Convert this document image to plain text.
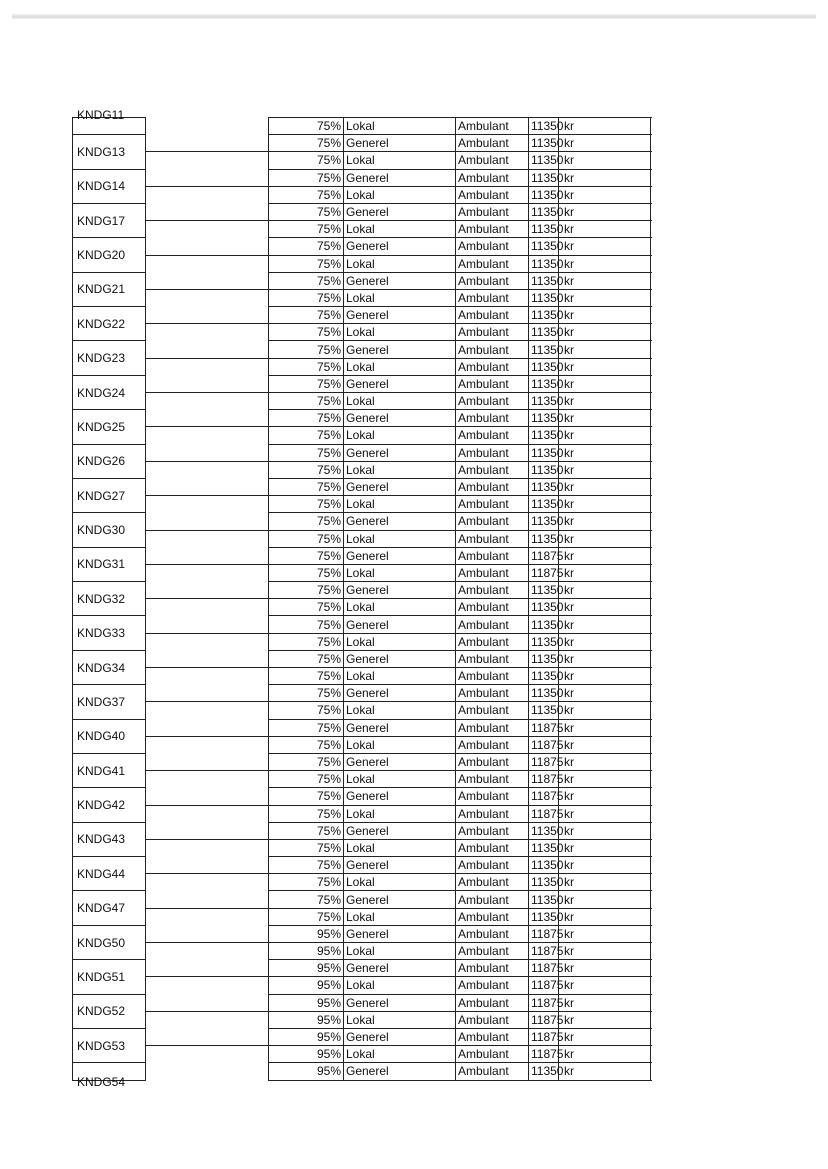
KNDG11		75%	Lokal	Ambulant	11350	kr	
KNDG13		75%	Generel	Ambulant	11350	kr	
		75%	Lokal	Ambulant	11350	kr	
KNDG14		75%	Generel	Ambulant	11350	kr	
		75%	Lokal	Ambulant	11350	kr	
KNDG17		75%	Generel	Ambulant	11350	kr	
		75%	Lokal	Ambulant	11350	kr	
KNDG20		75%	Generel	Ambulant	11350	kr	
		75%	Lokal	Ambulant	11350	kr	
KNDG21		75%	Generel	Ambulant	11350	kr	
		75%	Lokal	Ambulant	11350	kr	
KNDG22		75%	Generel	Ambulant	11350	kr	
		75%	Lokal	Ambulant	11350	kr	
KNDG23		75%	Generel	Ambulant	11350	kr	
		75%	Lokal	Ambulant	11350	kr	
KNDG24		75%	Generel	Ambulant	11350	kr	
		75%	Lokal	Ambulant	11350	kr	
KNDG25		75%	Generel	Ambulant	11350	kr	
		75%	Lokal	Ambulant	11350	kr	
KNDG26		75%	Generel	Ambulant	11350	kr	
		75%	Lokal	Ambulant	11350	kr	
KNDG27		75%	Generel	Ambulant	11350	kr	
		75%	Lokal	Ambulant	11350	kr	
KNDG30		75%	Generel	Ambulant	11350	kr	
		75%	Lokal	Ambulant	11350	kr	
KNDG31		75%	Generel	Ambulant	11875	kr	
		75%	Lokal	Ambulant	11875	kr	
KNDG32		75%	Generel	Ambulant	11350	kr	
		75%	Lokal	Ambulant	11350	kr	
KNDG33		75%	Generel	Ambulant	11350	kr	
		75%	Lokal	Ambulant	11350	kr	
KNDG34		75%	Generel	Ambulant	11350	kr	
		75%	Lokal	Ambulant	11350	kr	
KNDG37		75%	Generel	Ambulant	11350	kr	
		75%	Lokal	Ambulant	11350	kr	
KNDG40		75%	Generel	Ambulant	11875	kr	
		75%	Lokal	Ambulant	11875	kr	
KNDG41		75%	Generel	Ambulant	11875	kr	
		75%	Lokal	Ambulant	11875	kr	
KNDG42		75%	Generel	Ambulant	11875	kr	
		75%	Lokal	Ambulant	11875	kr	
KNDG43		75%	Generel	Ambulant	11350	kr	
		75%	Lokal	Ambulant	11350	kr	
KNDG44		75%	Generel	Ambulant	11350	kr	
		75%	Lokal	Ambulant	11350	kr	
KNDG47		75%	Generel	Ambulant	11350	kr	
		75%	Lokal	Ambulant	11350	kr	
KNDG50		95%	Generel	Ambulant	11875	kr	
		95%	Lokal	Ambulant	11875	kr	
KNDG51		95%	Generel	Ambulant	11875	kr	
		95%	Lokal	Ambulant	11875	kr	
KNDG52		95%	Generel	Ambulant	11875	kr	
		95%	Lokal	Ambulant	11875	kr	
KNDG53		95%	Generel	Ambulant	11875	kr	
		95%	Lokal	Ambulant	11875	kr	

KNDG54		95%	Generel	Ambulant	11350	kr	
